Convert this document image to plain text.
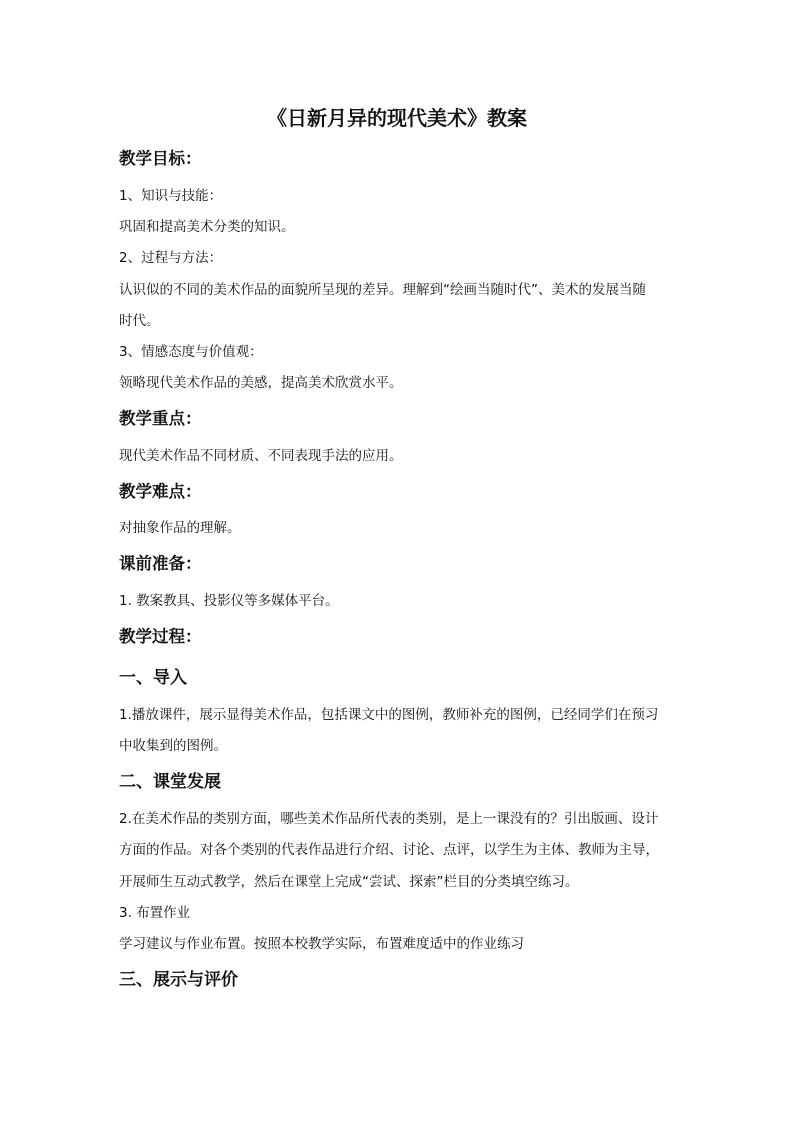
《日新月异的现代美术》教案
教学目标：
1、知识与技能：
巩固和提高美术分类的知识。
2、过程与方法：
认识似的不同的美术作品的面貌所呈现的差异。理解到“绘画当随时代”、美术的发展当随
时代。
3、情感态度与价值观：
领略现代美术作品的美感，提高美术欣赏水平。
教学重点：
现代美术作品不同材质、不同表现手法的应用。
教学难点：
对抽象作品的理解。
课前准备：
1. 教案教具、投影仪等多媒体平台。
教学过程：
一、导入
1.播放课件，展示显得美术作品，包括课文中的图例，教师补充的图例，已经同学们在预习
中收集到的图例。
二、课堂发展
2.在美术作品的类别方面，哪些美术作品所代表的类别，是上一课没有的？引出版画、设计
方面的作品。对各个类别的代表作品进行介绍、讨论、点评，以学生为主体、教师为主导，
开展师生互动式教学，然后在课堂上完成“尝试、探索”栏目的分类填空练习。
3. 布置作业
学习建议与作业布置。按照本校教学实际，布置难度适中的作业练习
三、展示与评价
